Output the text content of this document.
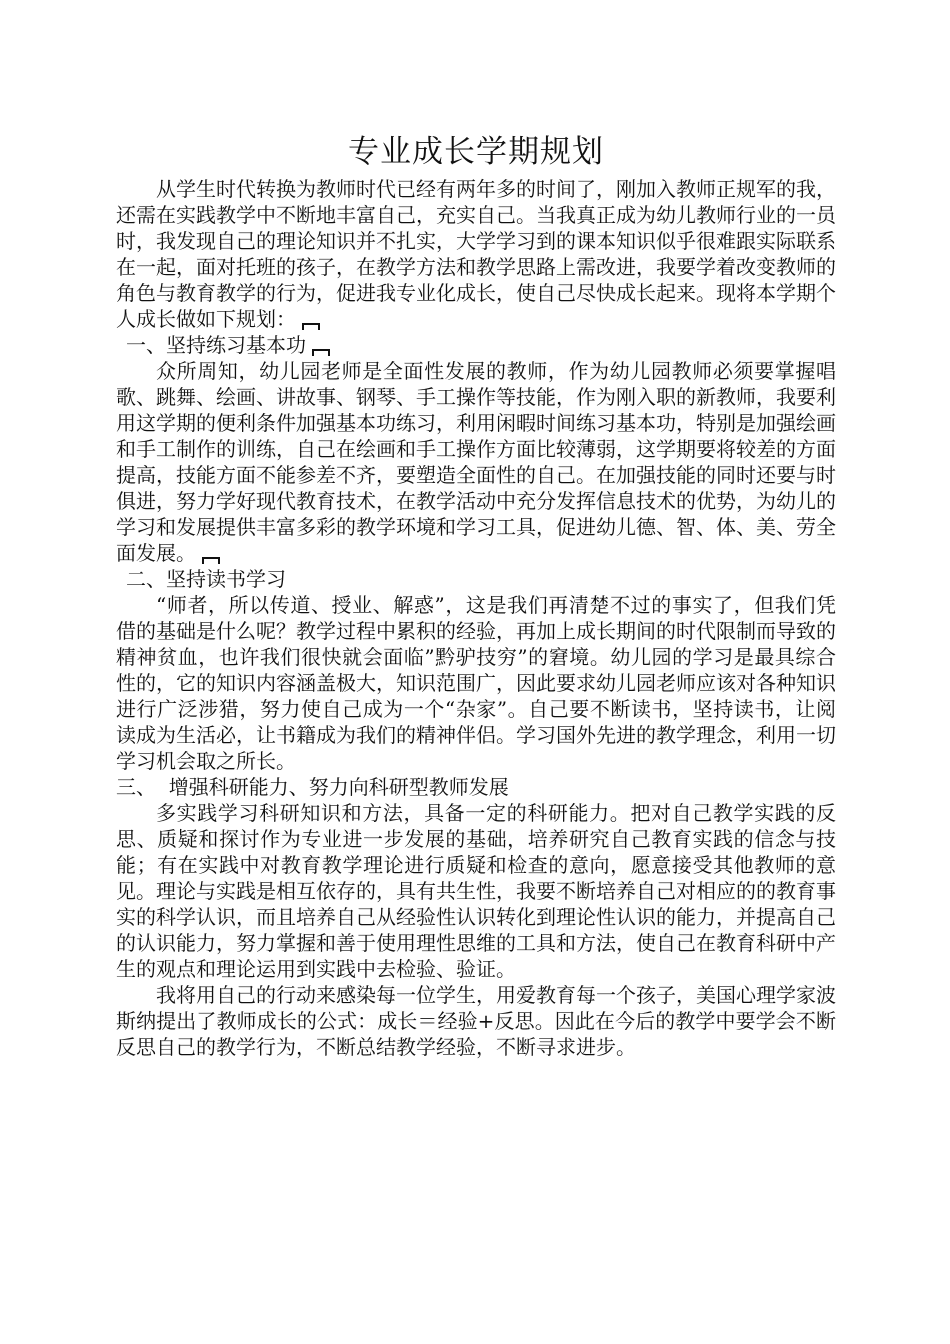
专业成长学期规划

从学生时代转换为教师时代已经有两年多的时间了，刚加入教师正规军的我，还需在实践教学中不断地丰富自己，充实自己。当我真正成为幼儿教师行业的一员时，我发现自己的理论知识并不扎实，大学学习到的课本知识似乎很难跟实际联系在一起，面对托班的孩子，在教学方法和教学思路上需改进，我要学着改变教师的角色与教育教学的行为，促进我专业化成长，使自己尽快成长起来。现将本学期个人成长做如下规划：

一、坚持练习基本功

众所周知，幼儿园老师是全面性发展的教师，作为幼儿园教师必须要掌握唱歌、跳舞、绘画、讲故事、钢琴、手工操作等技能，作为刚入职的新教师，我要利用这学期的便利条件加强基本功练习，利用闲暇时间练习基本功，特别是加强绘画和手工制作的训练，自己在绘画和手工操作方面比较薄弱，这学期要将较差的方面提高，技能方面不能参差不齐，要塑造全面性的自己。在加强技能的同时还要与时俱进，努力学好现代教育技术，在教学活动中充分发挥信息技术的优势，为幼儿的学习和发展提供丰富多彩的教学环境和学习工具，促进幼儿德、智、体、美、劳全面发展。

二、坚持读书学习

“师者，所以传道、授业、解惑”，这是我们再清楚不过的事实了，但我们凭借的基础是什么呢？教学过程中累积的经验，再加上成长期间的时代限制而导致的精神贫血，也许我们很快就会面临”黔驴技穷”的窘境。幼儿园的学习是最具综合性的，它的知识内容涵盖极大，知识范围广，因此要求幼儿园老师应该对各种知识进行广泛涉猎，努力使自己成为一个“杂家”。自己要不断读书，坚持读书，让阅读成为生活必，让书籍成为我们的精神伴侣。学习国外先进的教学理念，利用一切学习机会取之所长。

三、  增强科研能力、努力向科研型教师发展

多实践学习科研知识和方法，具备一定的科研能力。把对自己教学实践的反思、质疑和探讨作为专业进一步发展的基础，培养研究自己教育实践的信念与技能；有在实践中对教育教学理论进行质疑和检查的意向，愿意接受其他教师的意见。理论与实践是相互依存的，具有共生性，我要不断培养自己对相应的的教育事实的科学认识，而且培养自己从经验性认识转化到理论性认识的能力，并提高自己的认识能力，努力掌握和善于使用理性思维的工具和方法，使自己在教育科研中产生的观点和理论运用到实践中去检验、验证。

我将用自己的行动来感染每一位学生，用爱教育每一个孩子，美国心理学家波斯纳提出了教师成长的公式：成长＝经验+反思。因此在今后的教学中要学会不断反思自己的教学行为，不断总结教学经验，不断寻求进步。
